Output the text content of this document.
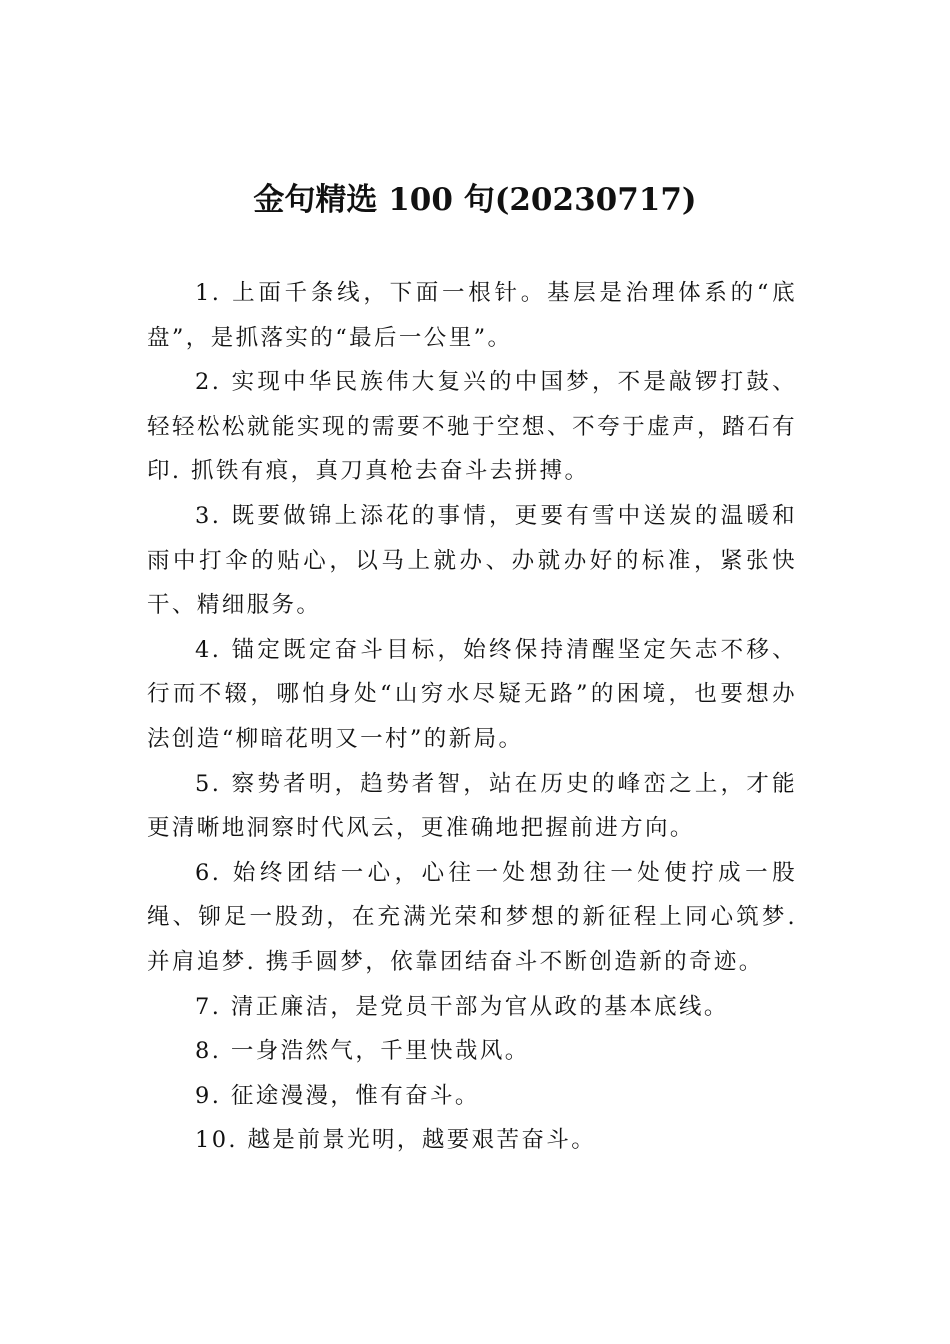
金句精选 100 句(20230717)

1. 上面千条线，下面一根针。基层是治理体系的“底盘”，是抓落实的“最后一公里”。

2. 实现中华民族伟大复兴的中国梦，不是敲锣打鼓、轻轻松松就能实现的需要不驰于空想、不夸于虚声，踏石有印. 抓铁有痕，真刀真枪去奋斗去拼搏。

3. 既要做锦上添花的事情，更要有雪中送炭的温暖和雨中打伞的贴心，以马上就办、办就办好的标准，紧张快干、精细服务。

4. 锚定既定奋斗目标，始终保持清醒坚定矢志不移、行而不辍，哪怕身处“山穷水尽疑无路”的困境，也要想办法创造“柳暗花明又一村”的新局。

5. 察势者明，趋势者智，站在历史的峰峦之上，才能更清晰地洞察时代风云，更准确地把握前进方向。

6. 始终团结一心，心往一处想劲往一处使拧成一股绳、铆足一股劲，在充满光荣和梦想的新征程上同心筑梦. 并肩追梦. 携手圆梦，依靠团结奋斗不断创造新的奇迹。

7. 清正廉洁，是党员干部为官从政的基本底线。

8. 一身浩然气，千里快哉风。

9. 征途漫漫，惟有奋斗。

10. 越是前景光明，越要艰苦奋斗。
